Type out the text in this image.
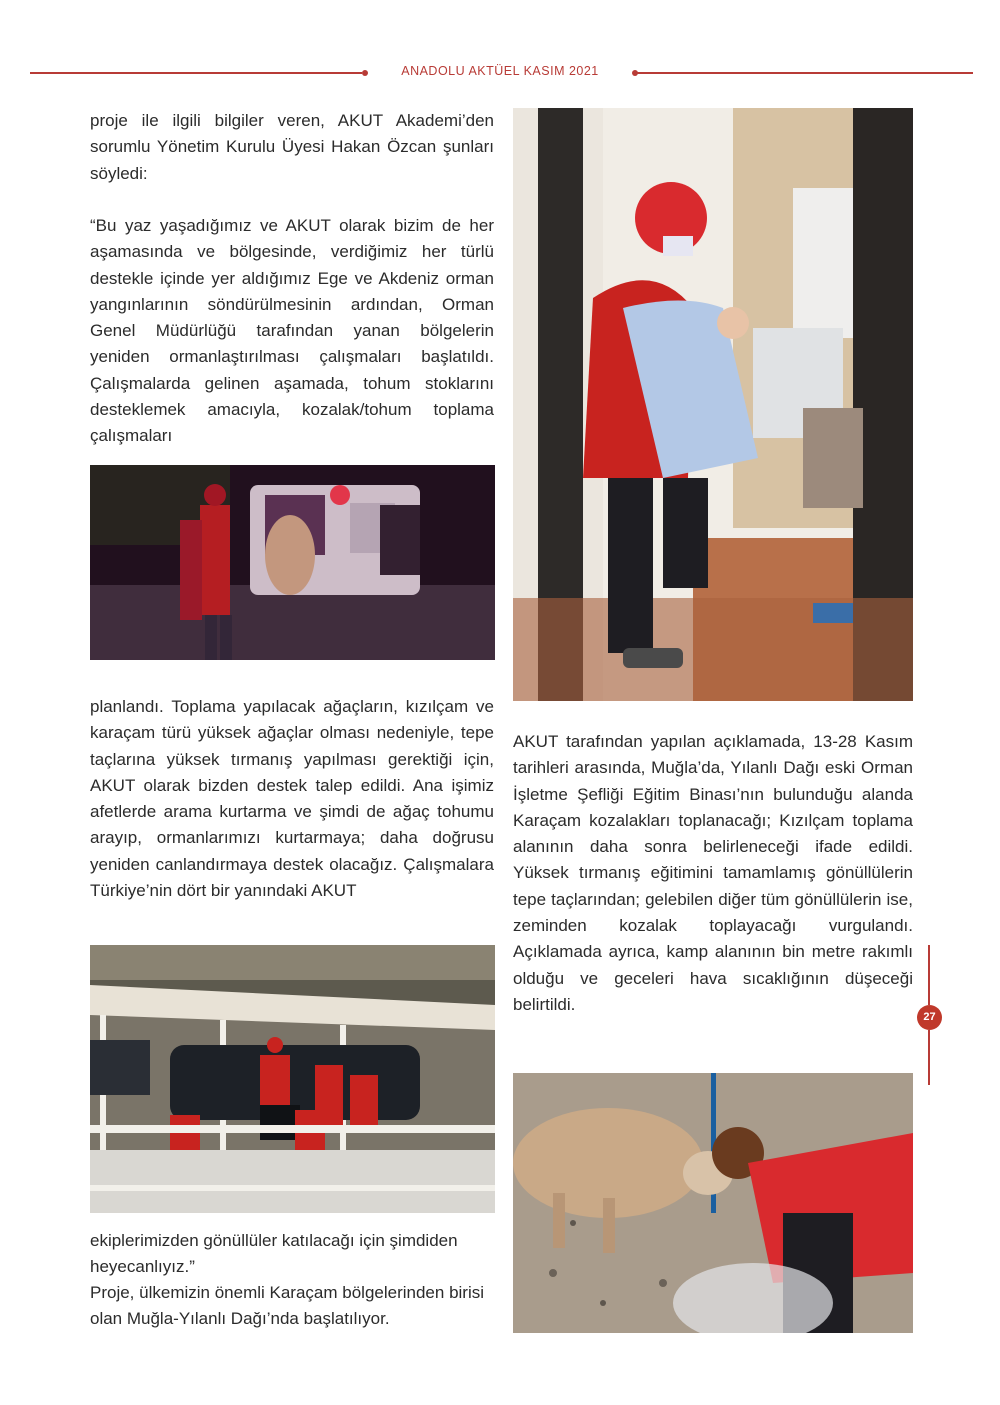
ANADOLU AKTÜEL KASIM 2021

proje ile ilgili bilgiler veren, AKUT Akademi’den sorumlu Yönetim Kurulu Üyesi Hakan Özcan şunları söyledi:

“Bu yaz yaşadığımız ve AKUT olarak bizim de her aşamasında ve bölgesinde, verdiğimiz her türlü destekle içinde yer aldığımız Ege ve Akdeniz orman yangınlarının söndürülmesinin ardından, Orman Genel Müdürlüğü tarafından yanan bölgelerin yeniden ormanlaştırılması çalışmaları başlatıldı. Çalışmalarda gelinen aşamada, tohum stoklarını desteklemek amacıyla, kozalak/tohum toplama çalışmaları

planlandı. Toplama yapılacak ağaçların, kızılçam ve karaçam türü yüksek ağaçlar olması nedeniyle, tepe taçlarına yüksek tırmanış yapılması gerektiği için, AKUT olarak bizden destek talep edildi. Ana işimiz afetlerde arama kurtarma ve şimdi de ağaç tohumu arayıp, ormanlarımızı kurtarmaya; daha doğrusu yeniden canlandırmaya destek olacağız. Çalışmalara Türkiye’nin dört bir yanındaki AKUT

ekiplerimizden gönüllüler katılacağı için şimdiden heyecanlıyız.”

Proje, ülkemizin önemli Karaçam bölgelerinden birisi olan Muğla-Yılanlı Dağı’nda başlatılıyor.

AKUT tarafından yapılan açıklamada, 13-28 Kasım tarihleri arasında, Muğla’da, Yılanlı Dağı eski Orman İşletme Şefliği Eğitim Binası’nın bulunduğu alanda Karaçam kozalakları toplanacağı; Kızılçam toplama alanının daha sonra belirleneceği ifade edildi. Yüksek tırmanış eğitimini tamamlamış gönüllülerin tepe taçlarından; gelebilen diğer tüm gönüllülerin ise, zeminden kozalak toplayacağı vurgulandı. Açıklamada ayrıca, kamp alanının bin metre rakımlı olduğu ve geceleri hava sıcaklığının düşeceği belirtildi.

27
